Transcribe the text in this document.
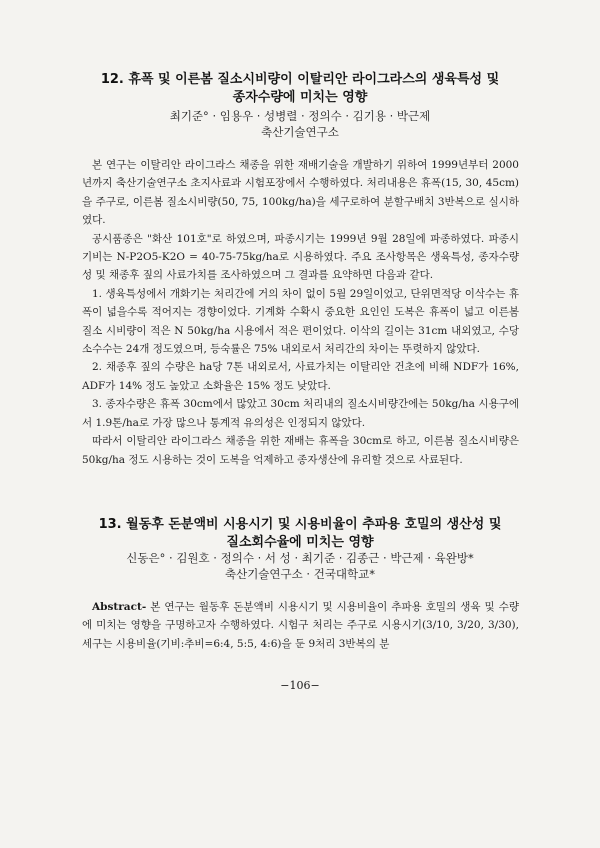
12. 휴폭 및 이른봄 질소시비량이 이탈리안 라이그라스의 생육특성 및
종자수량에 미치는 영향
최기준° · 임용우 · 성병렬 · 정의수 · 김기용 · 박근제
축산기술연구소

본 연구는 이탈리안 라이그라스 채종을 위한 재배기술을 개발하기 위하여 1999년부터 2000년까지 축산기술연구소 초지사료과 시험포장에서 수행하였다. 처리내용은 휴폭(15, 30, 45cm)을 주구로, 이른봄 질소시비량(50, 75, 100kg/ha)을 세구로하여 분할구배치 3반복으로 실시하였다.

공시품종은 "화산 101호"로 하였으며, 파종시기는 1999년 9월 28일에 파종하였다. 파종시 기비는 N-P2O5-K2O = 40-75-75kg/ha로 시용하였다. 주요 조사항목은 생육특성, 종자수량성 및 채종후 짚의 사료가치를 조사하였으며 그 결과를 요약하면 다음과 같다.

1. 생육특성에서 개화기는 처리간에 거의 차이 없이 5월 29일이었고, 단위면적당 이삭수는 휴폭이 넓을수록 적어지는 경향이었다. 기계화 수확시 중요한 요인인 도복은 휴폭이 넓고 이른봄 질소 시비량이 적은 N 50kg/ha 시용에서 적은 편이었다. 이삭의 길이는 31cm 내외였고, 수당 소수수는 24개 정도였으며, 등숙률은 75% 내외로서 처리간의 차이는 뚜렷하지 않았다.

2. 채종후 짚의 수량은 ha당 7톤 내외로서, 사료가치는 이탈리안 건초에 비해 NDF가 16%, ADF가 14% 정도 높았고 소화율은 15% 정도 낮았다.

3. 종자수량은 휴폭 30cm에서 많았고 30cm 처리내의 질소시비량간에는 50kg/ha 시용구에서 1.9톤/ha로 가장 많으나 통계적 유의성은 인정되지 않았다.

따라서 이탈리안 라이그라스 채종을 위한 재배는 휴폭을 30cm로 하고, 이른봄 질소시비량은 50kg/ha 정도 시용하는 것이 도복을 억제하고 종자생산에 유리할 것으로 사료된다.

13. 월동후 돈분액비 시용시기 및 시용비율이 추파용 호밀의 생산성 및
질소회수율에 미치는 영향
신동은° · 김원호 · 정의수 · 서 성 · 최기준 · 김종근 · 박근제 · 육완방*
축산기술연구소 · 건국대학교*

Abstract- 본 연구는 월동후 돈분액비 시용시기 및 시용비율이 추파용 호밀의 생육 및 수량에 미치는 영향을 구명하고자 수행하였다. 시험구 처리는 주구로 시용시기(3/10, 3/20, 3/30), 세구는 시용비율(기비:추비=6:4, 5:5, 4:6)을 둔 9처리 3반복의 분

−106−
